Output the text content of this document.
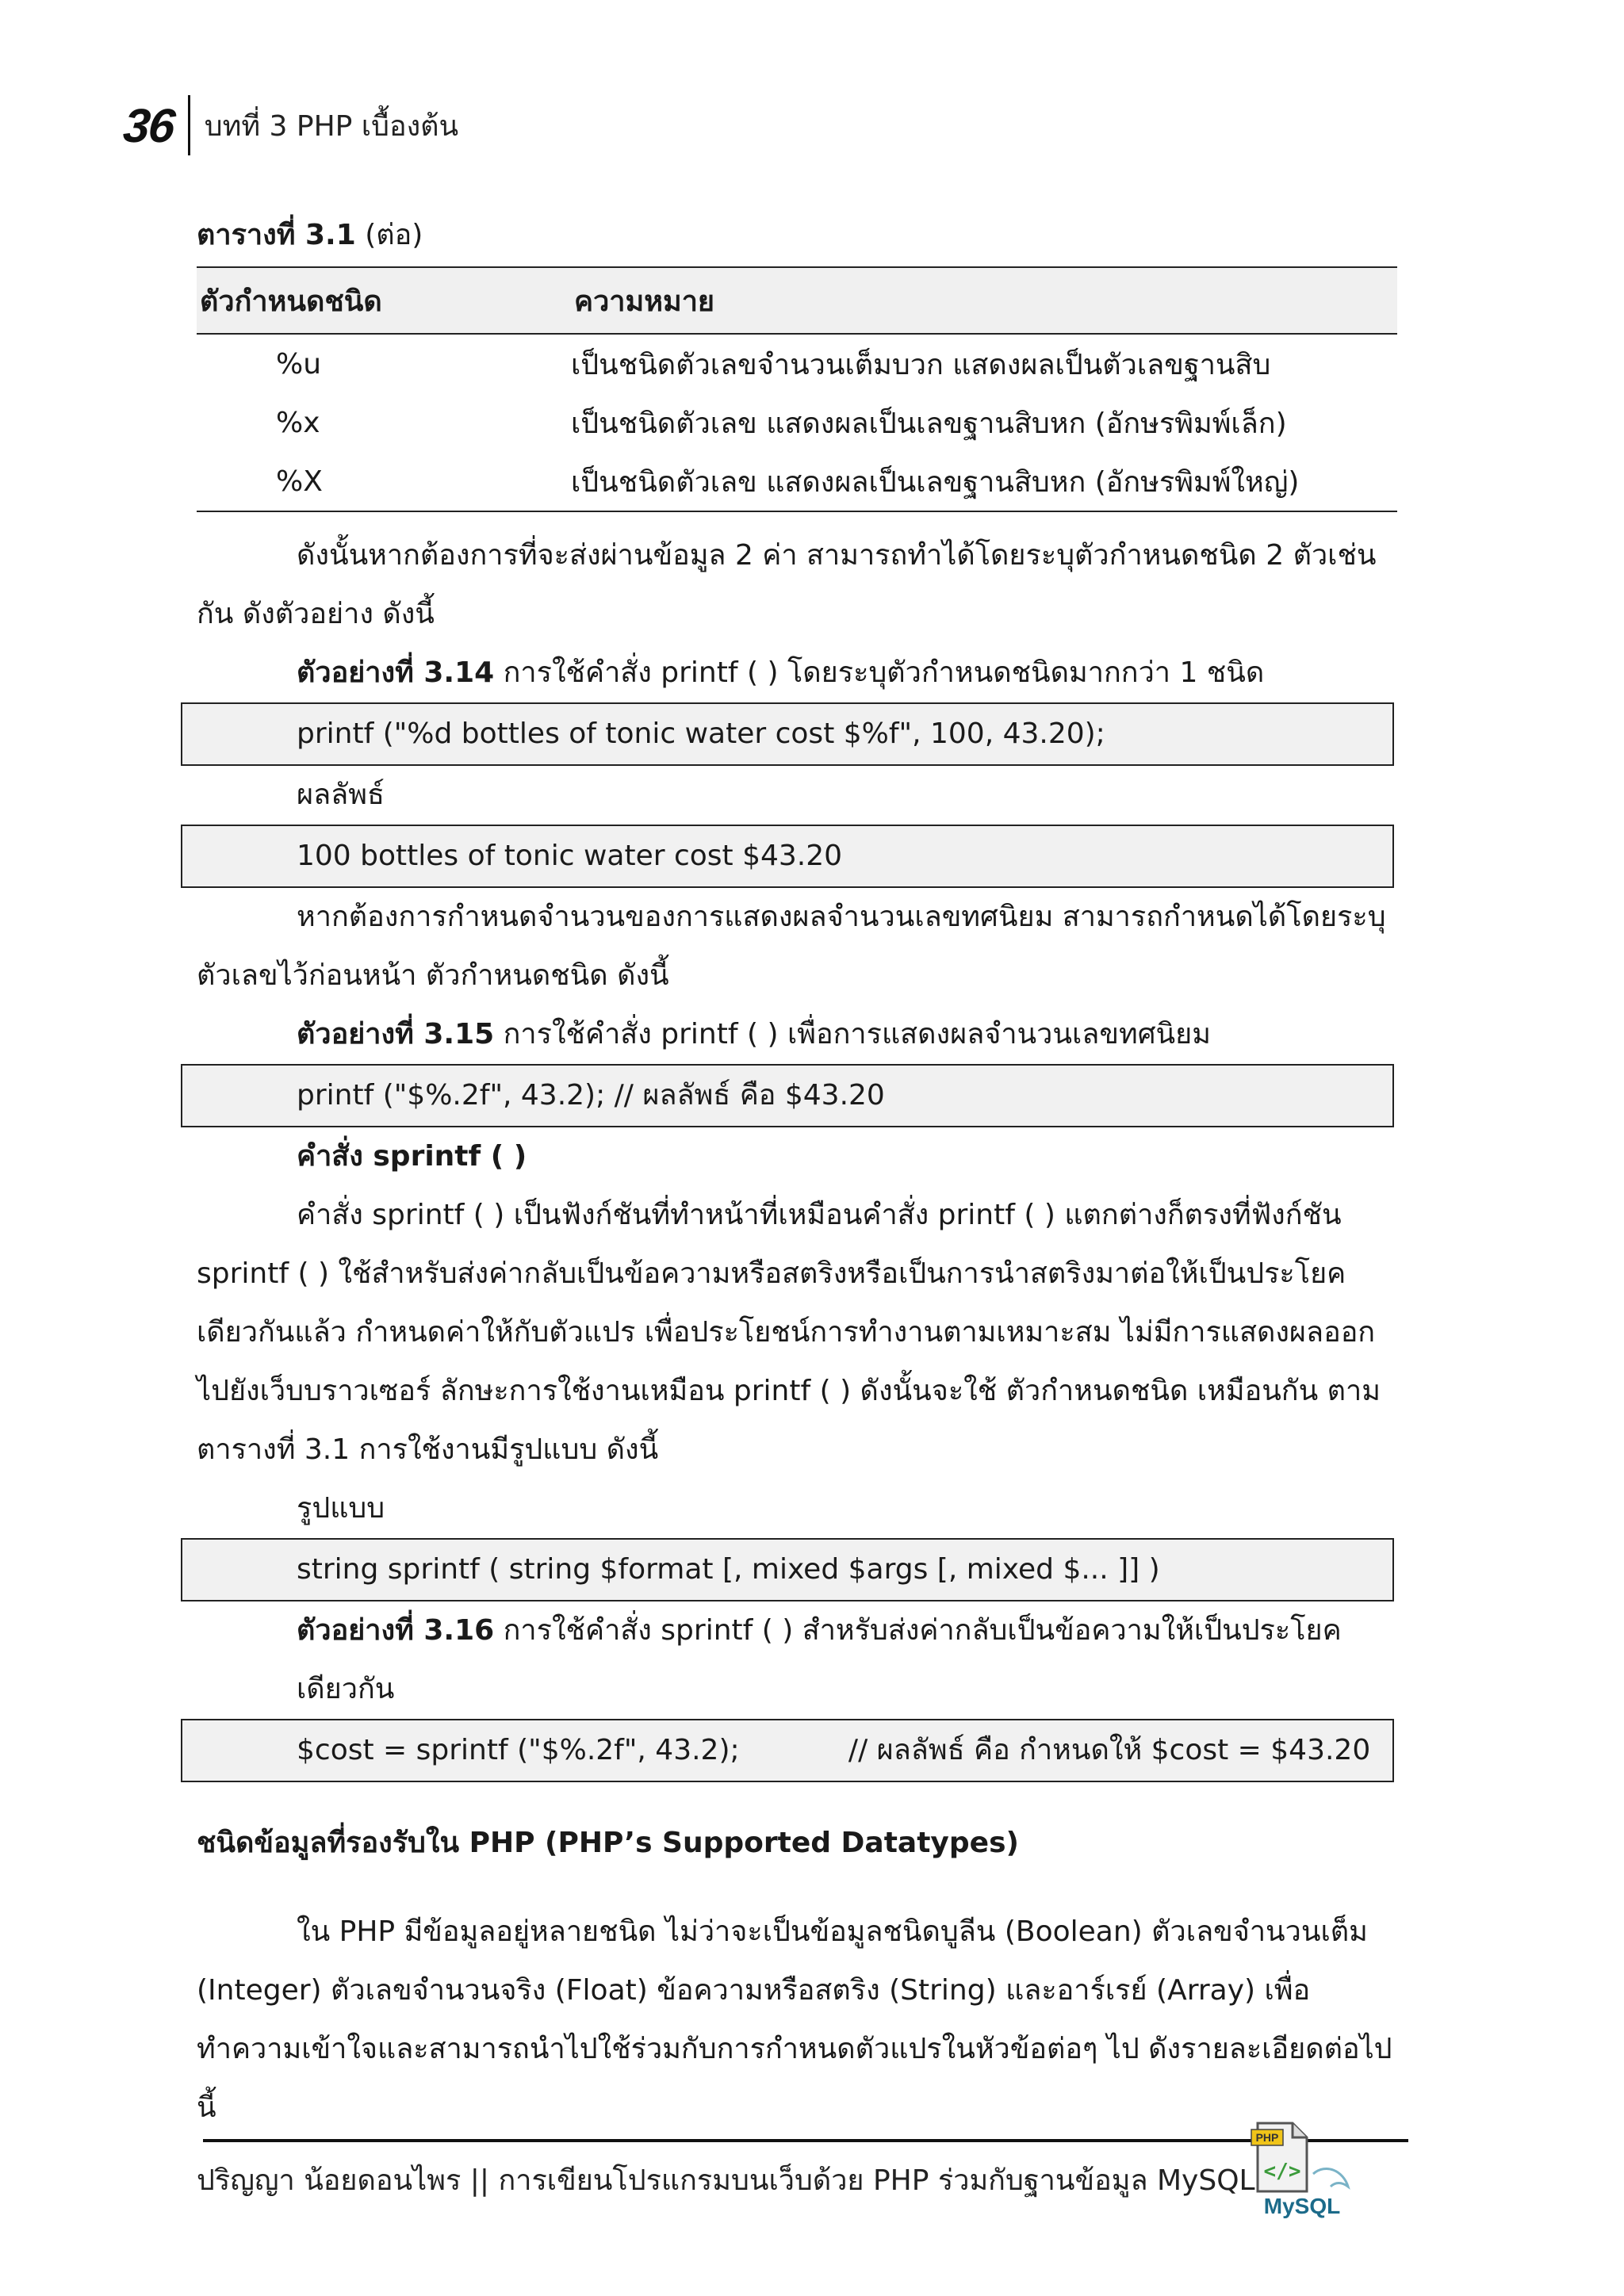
36 บทที่ 3 PHP เบื้องต้น
ตารางที่ 3.1 (ต่อ)
ตัวกำหนดชนิด	ความหมาย
%u	เป็นชนิดตัวเลขจำนวนเต็มบวก แสดงผลเป็นตัวเลขฐานสิบ
%x	เป็นชนิดตัวเลข แสดงผลเป็นเลขฐานสิบหก (อักษรพิมพ์เล็ก)
%X	เป็นชนิดตัวเลข แสดงผลเป็นเลขฐานสิบหก (อักษรพิมพ์ใหญ่)

ดังนั้นหากต้องการที่จะส่งผ่านข้อมูล 2 ค่า สามารถทำได้โดยระบุตัวกำหนดชนิด 2 ตัวเช่นกัน ดังตัวอย่าง ดังนี้

ตัวอย่างที่ 3.14 การใช้คำสั่ง printf ( ) โดยระบุตัวกำหนดชนิดมากกว่า 1 ชนิด

printf ("%d bottles of tonic water cost $%f", 100, 43.20);

ผลลัพธ์

100 bottles of tonic water cost $43.20

หากต้องการกำหนดจำนวนของการแสดงผลจำนวนเลขทศนิยม สามารถกำหนดได้โดยระบุตัวเลขไว้ก่อนหน้า ตัวกำหนดชนิด ดังนี้

ตัวอย่างที่ 3.15 การใช้คำสั่ง printf ( ) เพื่อการแสดงผลจำนวนเลขทศนิยม

printf ("$%.2f", 43.2); // ผลลัพธ์ คือ $43.20

คำสั่ง sprintf ( )

คำสั่ง sprintf ( ) เป็นฟังก์ชันที่ทำหน้าที่เหมือนคำสั่ง printf ( ) แตกต่างก็ตรงที่ฟังก์ชัน sprintf ( ) ใช้สำหรับส่งค่ากลับเป็นข้อความหรือสตริงหรือเป็นการนำสตริงมาต่อให้เป็นประโยคเดียวกันแล้ว กำหนดค่าให้กับตัวแปร เพื่อประโยชน์การทำงานตามเหมาะสม ไม่มีการแสดงผลออกไปยังเว็บบราวเซอร์ ลักษะการใช้งานเหมือน printf ( ) ดังนั้นจะใช้ ตัวกำหนดชนิด เหมือนกัน ตามตารางที่ 3.1 การใช้งานมีรูปแบบ ดังนี้

รูปแบบ

string sprintf ( string $format [, mixed $args [, mixed $... ]] )

ตัวอย่างที่ 3.16 การใช้คำสั่ง sprintf ( ) สำหรับส่งค่ากลับเป็นข้อความให้เป็นประโยคเดียวกัน

$cost = sprintf ("$%.2f", 43.2);            // ผลลัพธ์ คือ กำหนดให้ $cost = $43.20
ชนิดข้อมูลที่รองรับใน PHP (PHP’s Supported Datatypes)

ใน PHP มีข้อมูลอยู่หลายชนิด ไม่ว่าจะเป็นข้อมูลชนิดบูลีน (Boolean) ตัวเลขจำนวนเต็ม (Integer) ตัวเลขจำนวนจริง (Float) ข้อความหรือสตริง (String) และอาร์เรย์ (Array) เพื่อทำความเข้าใจและสามารถนำไปใช้ร่วมกับการกำหนดตัวแปรในหัวข้อต่อๆ ไป ดังรายละเอียดต่อไปนี้

ปริญญา น้อยดอนไพร || การเขียนโปรแกรมบนเว็บด้วย PHP ร่วมกับฐานข้อมูล MySQL
PHP
</>
MySQL
